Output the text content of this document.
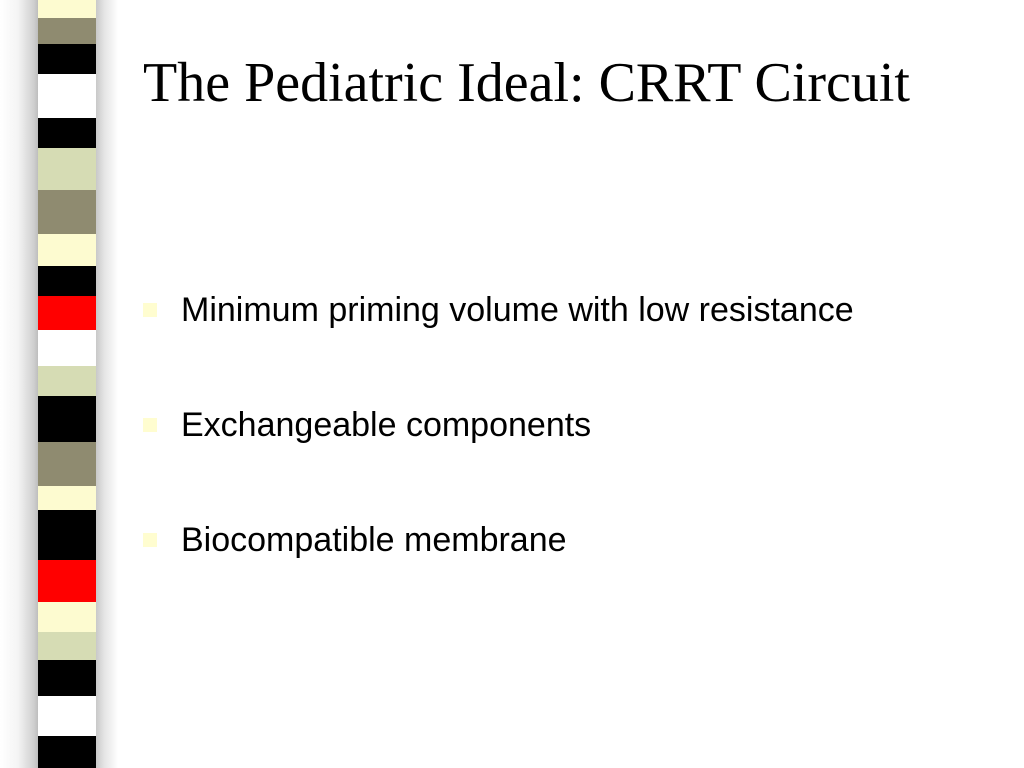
The Pediatric Ideal: CRRT Circuit
Minimum priming volume with low resistance
Exchangeable components
Biocompatible membrane
